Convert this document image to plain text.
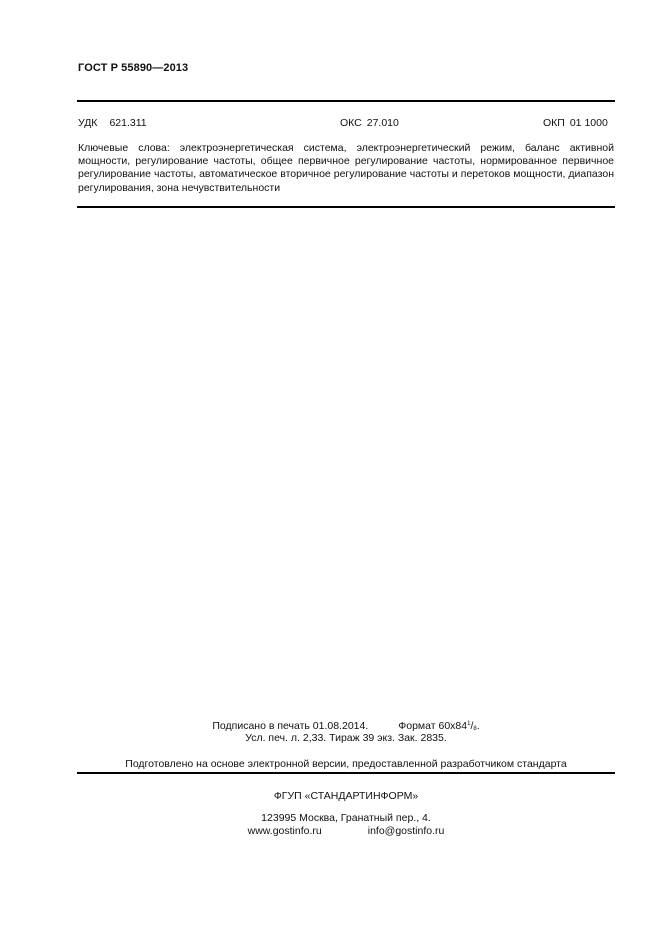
ГОСТ Р 55890—2013
УДК 621.311	ОКС 27.010	ОКП 01 1000
Ключевые слова: электроэнергетическая система, электроэнергетический режим, баланс активной мощности, регулирование частоты, общее первичное регулирование частоты, нормированное первичное регулирование частоты, автоматическое вторичное регулирование частоты и перетоков мощности, диапазон регулирования, зона нечувствительности
Подписано в печать 01.08.2014.	Формат $60x84^1/_8$.
Усл. печ. л. 2,33. Тираж 39 экз. Зак. 2835.
Подготовлено на основе электронной версии, предоставленной разработчиком стандарта
ФГУП «СТАНДАРТИНФОРМ»
123995 Москва, Гранатный пер., 4.
www.gostinfo.ru	info@gostinfo.ru
